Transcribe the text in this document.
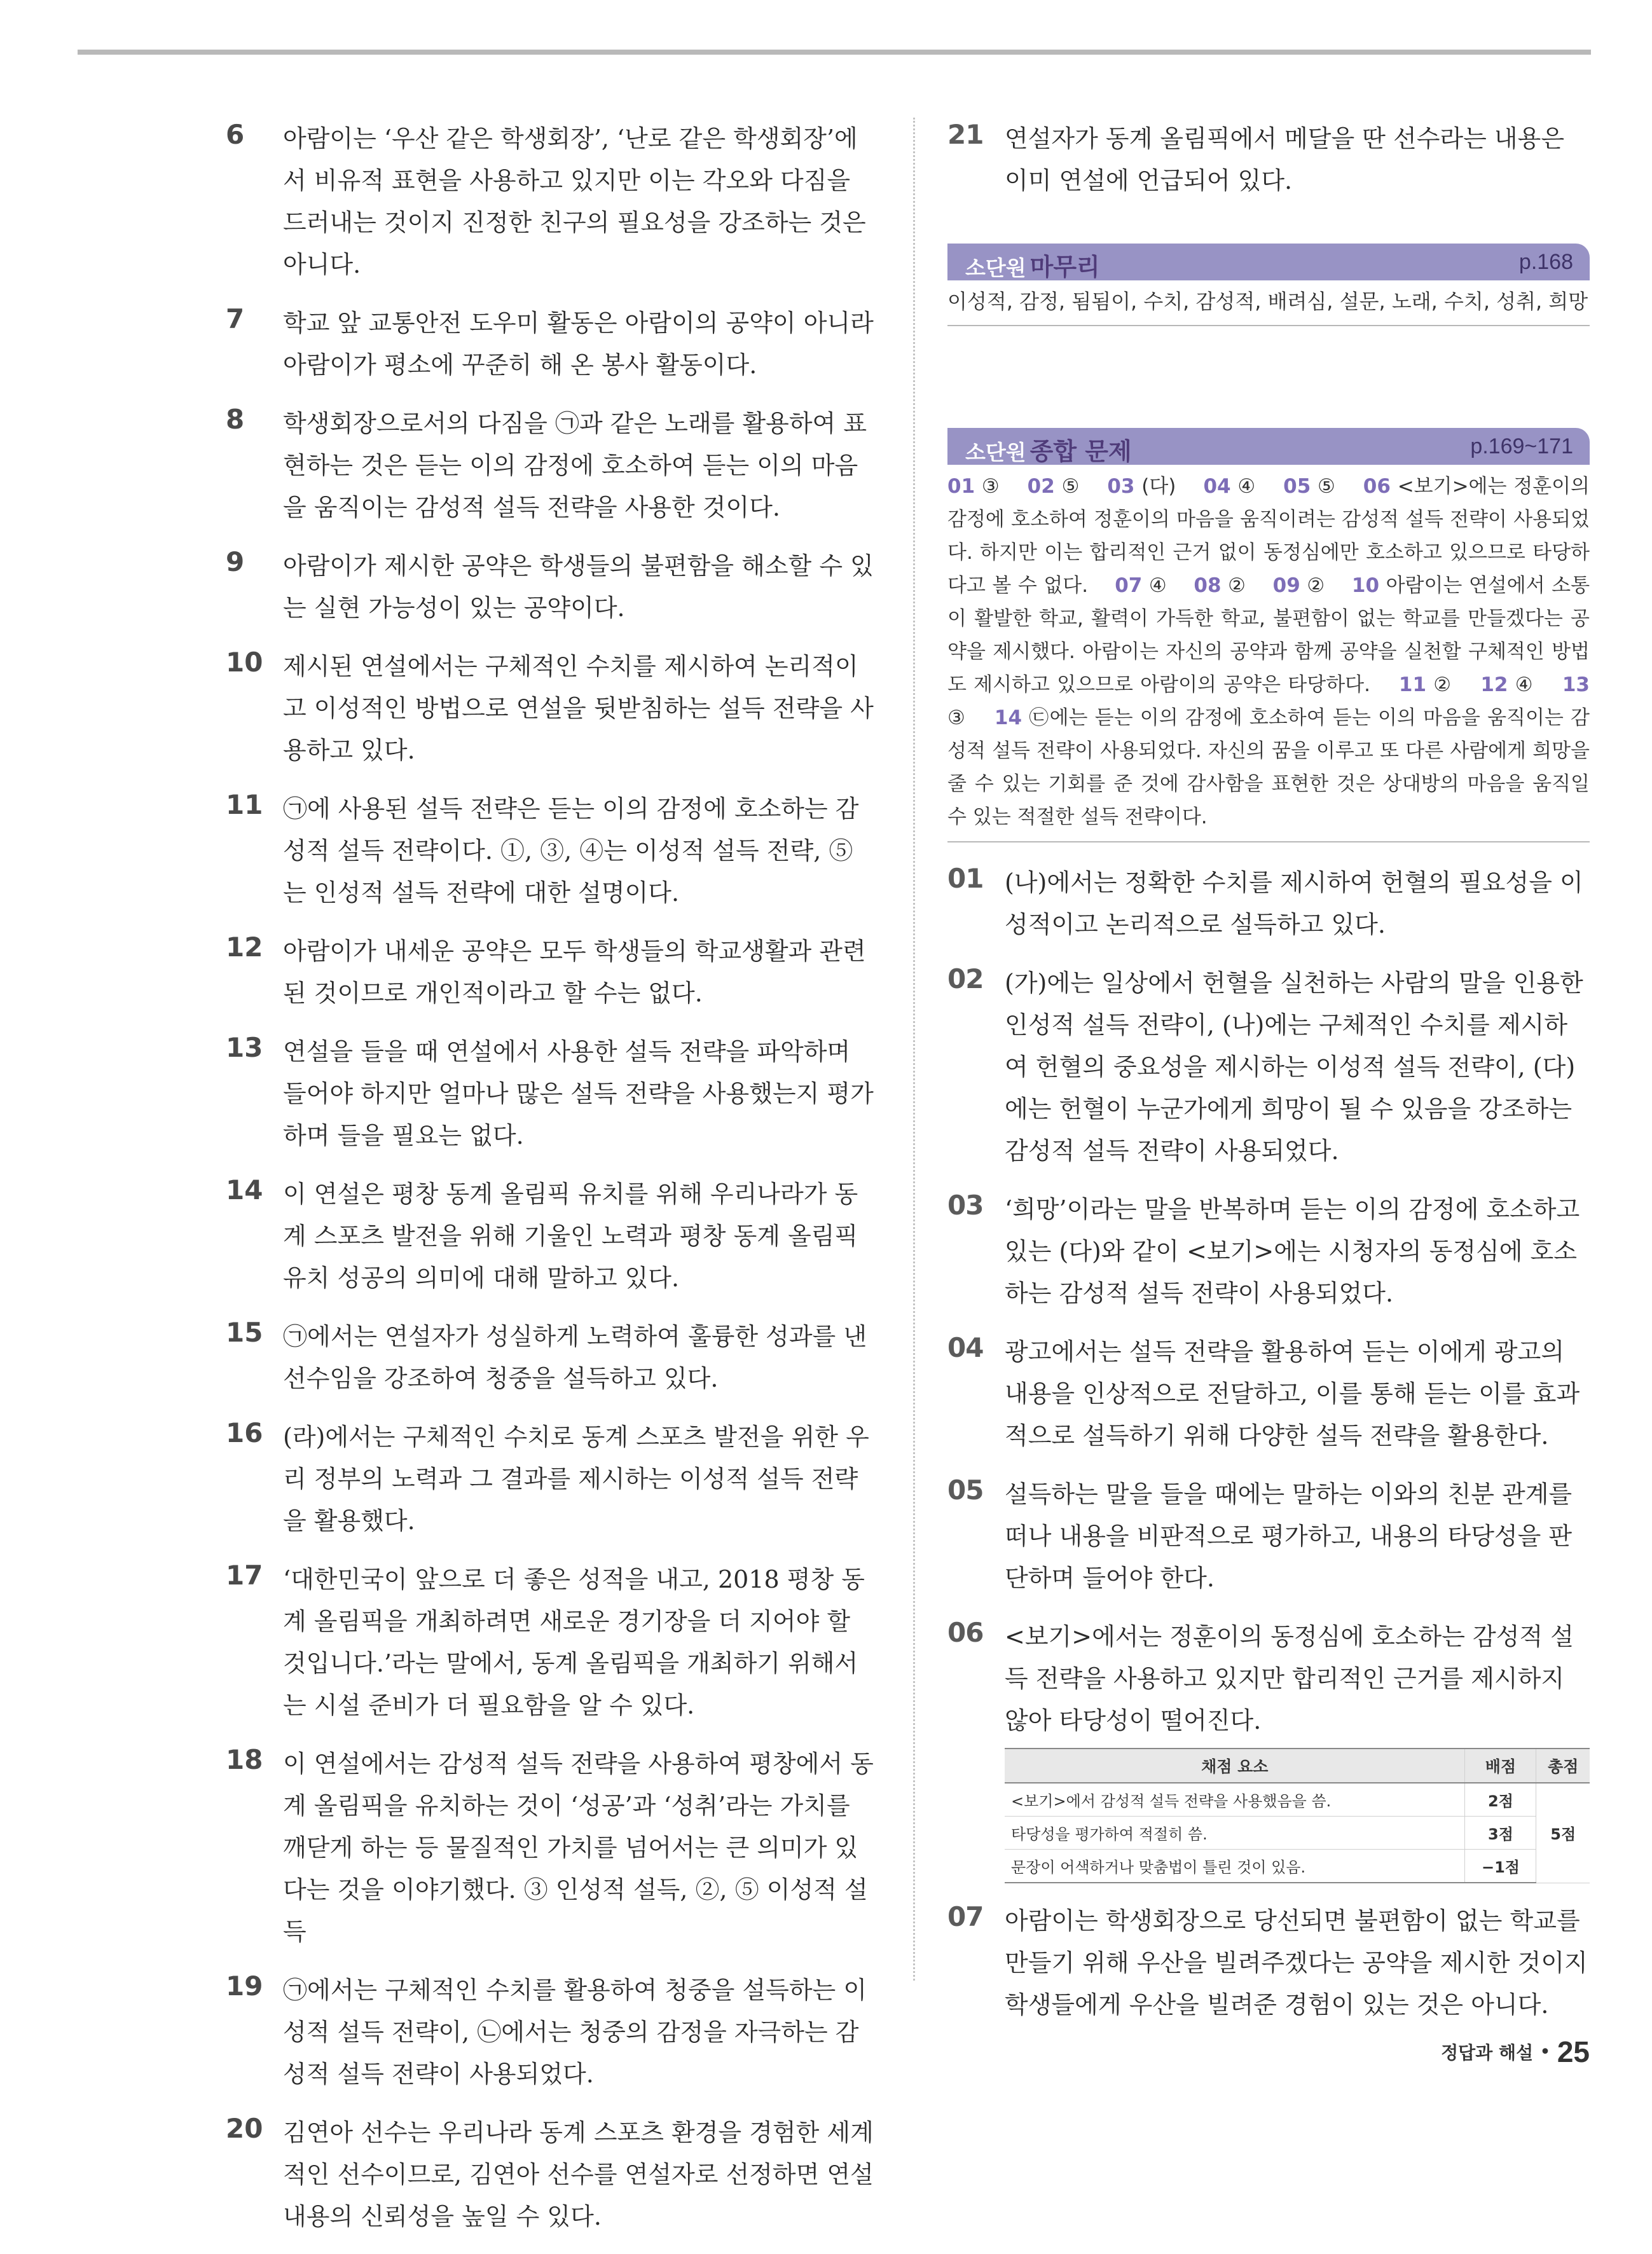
6 아람이는 ‘우산 같은 학생회장’, ‘난로 같은 학생회장’에서 비유적 표현을 사용하고 있지만 이는 각오와 다짐을 드러내는 것이지 진정한 친구의 필요성을 강조하는 것은 아니다.
7 학교 앞 교통안전 도우미 활동은 아람이의 공약이 아니라 아람이가 평소에 꾸준히 해 온 봉사 활동이다.
8 학생회장으로서의 다짐을 ㉠과 같은 노래를 활용하여 표현하는 것은 듣는 이의 감정에 호소하여 듣는 이의 마음을 움직이는 감성적 설득 전략을 사용한 것이다.
9 아람이가 제시한 공약은 학생들의 불편함을 해소할 수 있는 실현 가능성이 있는 공약이다.
10 제시된 연설에서는 구체적인 수치를 제시하여 논리적이고 이성적인 방법으로 연설을 뒷받침하는 설득 전략을 사용하고 있다.
11 ㉠에 사용된 설득 전략은 듣는 이의 감정에 호소하는 감성적 설득 전략이다. ①, ③, ④는 이성적 설득 전략, ⑤는 인성적 설득 전략에 대한 설명이다.
12 아람이가 내세운 공약은 모두 학생들의 학교생활과 관련된 것이므로 개인적이라고 할 수는 없다.
13 연설을 들을 때 연설에서 사용한 설득 전략을 파악하며 들어야 하지만 얼마나 많은 설득 전략을 사용했는지 평가하며 들을 필요는 없다.
14 이 연설은 평창 동계 올림픽 유치를 위해 우리나라가 동계 스포츠 발전을 위해 기울인 노력과 평창 동계 올림픽 유치 성공의 의미에 대해 말하고 있다.
15 ㉠에서는 연설자가 성실하게 노력하여 훌륭한 성과를 낸 선수임을 강조하여 청중을 설득하고 있다.
16 (라)에서는 구체적인 수치로 동계 스포츠 발전을 위한 우리 정부의 노력과 그 결과를 제시하는 이성적 설득 전략을 활용했다.
17 ‘대한민국이 앞으로 더 좋은 성적을 내고, 2018 평창 동계 올림픽을 개최하려면 새로운 경기장을 더 지어야 할 것입니다.’라는 말에서, 동계 올림픽을 개최하기 위해서는 시설 준비가 더 필요함을 알 수 있다.
18 이 연설에서는 감성적 설득 전략을 사용하여 평창에서 동계 올림픽을 유치하는 것이 ‘성공’과 ‘성취’라는 가치를 깨닫게 하는 등 물질적인 가치를 넘어서는 큰 의미가 있다는 것을 이야기했다. ③ 인성적 설득, ②, ⑤ 이성적 설득
19 ㉠에서는 구체적인 수치를 활용하여 청중을 설득하는 이성적 설득 전략이, ㉡에서는 청중의 감정을 자극하는 감성적 설득 전략이 사용되었다.
20 김연아 선수는 우리나라 동계 스포츠 환경을 경험한 세계적인 선수이므로, 김연아 선수를 연설자로 선정하면 연설 내용의 신뢰성을 높일 수 있다.
21 연설자가 동계 올림픽에서 메달을 딴 선수라는 내용은 이미 연설에 언급되어 있다.
소단원 마무리	p.168
이성적, 감정, 됨됨이, 수치, 감성적, 배려심, 설문, 노래, 수치, 성취, 희망
소단원 종합 문제	p.169~171
01 ③ 02 ⑤ 03 (다) 04 ④ 05 ⑤ 06 <보기>에는 정훈이의 감정에 호소하여 정훈이의 마음을 움직이려는 감성적 설득 전략이 사용되었다. 하지만 이는 합리적인 근거 없이 동정심에만 호소하고 있으므로 타당하다고 볼 수 없다. 07 ④ 08 ② 09 ② 10 아람이는 연설에서 소통이 활발한 학교, 활력이 가득한 학교, 불편함이 없는 학교를 만들겠다는 공약을 제시했다. 아람이는 자신의 공약과 함께 공약을 실천할 구체적인 방법도 제시하고 있으므로 아람이의 공약은 타당하다. 11 ② 12 ④ 13 ③ 14 ㉢에는 듣는 이의 감정에 호소하여 듣는 이의 마음을 움직이는 감성적 설득 전략이 사용되었다. 자신의 꿈을 이루고 또 다른 사람에게 희망을 줄 수 있는 기회를 준 것에 감사함을 표현한 것은 상대방의 마음을 움직일 수 있는 적절한 설득 전략이다.
01 (나)에서는 정확한 수치를 제시하여 헌혈의 필요성을 이성적이고 논리적으로 설득하고 있다.
02 (가)에는 일상에서 헌혈을 실천하는 사람의 말을 인용한 인성적 설득 전략이, (나)에는 구체적인 수치를 제시하여 헌혈의 중요성을 제시하는 이성적 설득 전략이, (다)에는 헌혈이 누군가에게 희망이 될 수 있음을 강조하는 감성적 설득 전략이 사용되었다.
03 ‘희망’이라는 말을 반복하며 듣는 이의 감정에 호소하고 있는 (다)와 같이 <보기>에는 시청자의 동정심에 호소하는 감성적 설득 전략이 사용되었다.
04 광고에서는 설득 전략을 활용하여 듣는 이에게 광고의 내용을 인상적으로 전달하고, 이를 통해 듣는 이를 효과적으로 설득하기 위해 다양한 설득 전략을 활용한다.
05 설득하는 말을 들을 때에는 말하는 이와의 친분 관계를 떠나 내용을 비판적으로 평가하고, 내용의 타당성을 판단하며 들어야 한다.
06 <보기>에서는 정훈이의 동정심에 호소하는 감성적 설득 전략을 사용하고 있지만 합리적인 근거를 제시하지 않아 타당성이 떨어진다.
채점 요소	배점	총점
<보기>에서 감성적 설득 전략을 사용했음을 씀.	2점	5점
타당성을 평가하여 적절히 씀.	3점	
문장이 어색하거나 맞춤법이 틀린 것이 있음.	−1점	
07 아람이는 학생회장으로 당선되면 불편함이 없는 학교를 만들기 위해 우산을 빌려주겠다는 공약을 제시한 것이지 학생들에게 우산을 빌려준 경험이 있는 것은 아니다.
정답과 해설 • 25
